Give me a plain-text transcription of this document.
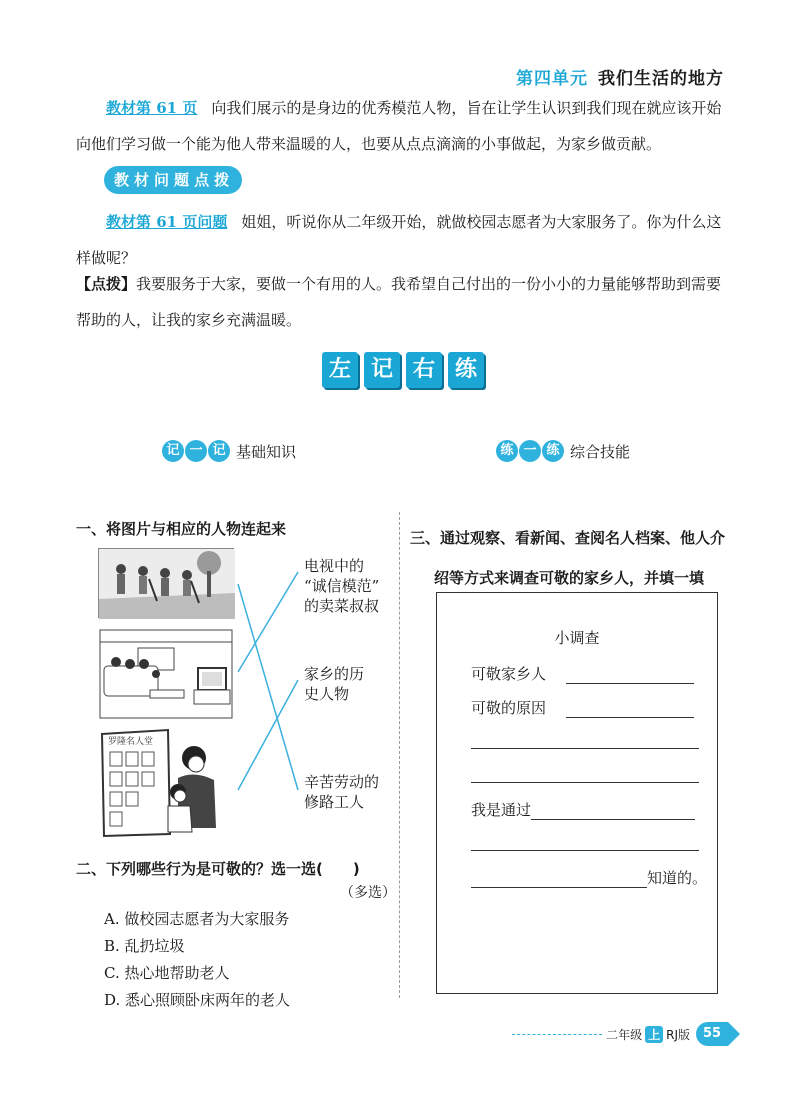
第四单元 我们生活的地方
教材第 61 页 向我们展示的是身边的优秀模范人物，旨在让学生认识到我们现在就应该开始向他们学习做一个能为他人带来温暖的人，也要从点点滴滴的小事做起，为家乡做贡献。
教 材 问 题 点 拨
教材第 61 页问题 姐姐，听说你从二年级开始，就做校园志愿者为大家服务了。你为什么这样做呢？
【点拨】我要服务于大家，要做一个有用的人。我希望自己付出的一份小小的力量能够帮助到需要帮助的人，让我的家乡充满温暖。
左 记 右 练
记 一 记 基础知识	练 一 练 综合技能
一、将图片与相应的人物连起来
罗隆名人堂
电视中的
“诚信模范”
的卖菜叔叔
家乡的历
史人物
辛苦劳动的
修路工人
二、下列哪些行为是可敬的？选一选(　　)
（多选）
A. 做校园志愿者为大家服务
B. 乱扔垃圾
C. 热心地帮助老人
D. 悉心照顾卧床两年的老人
三、通过观察、看新闻、查阅名人档案、他人介
绍等方式来调查可敬的家乡人，并填一填
小调查
可敬家乡人
可敬的原因
我是通过
知道的。
二年级 上 RJ版 55
